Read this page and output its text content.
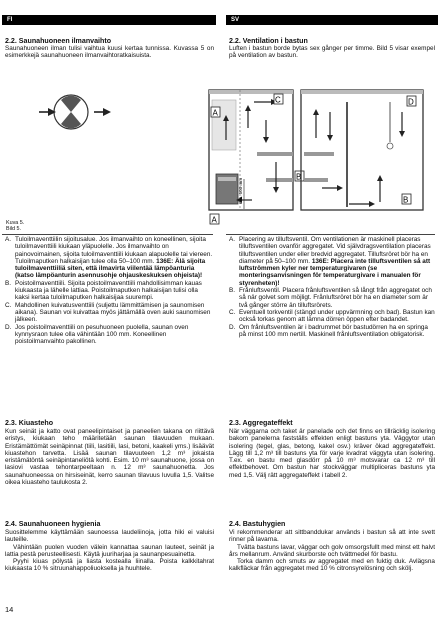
FI	SV
2.2. Saunahuoneen ilmanvaihto
Saunahuoneen ilman tulisi vaihtua kuusi kertaa tunnissa. Kuvassa 5 on esimerkkejä saunahuoneen ilmanvaihtoratkaisuista.
2.2. Ventilation i bastun
Luften i bastun borde bytas sex gånger per timme. Bild 5 visar exempel på ventilation av bastun.
min. 500 mm
A
C
B
A
D
B
Kuva 5.
Bild 5.
A. Tuloilmaventtiilin sijoitusalue. Jos ilmanvaihto on koneellinen, sijoita tuloilmaventtiili kiukaan yläpuolelle. Jos ilmanvaihto on painovoimainen, sijoita tuloilmaventtiili kiukaan alapuolelle tai viereen. Tuloilmaputken halkaisijan tulee olla 50–100 mm. 136E: Älä sijoita tuloilmaventtiiliä siten, että ilmavirta viilentää lämpöanturia (katso lämpöanturin asennusohje ohjauskeskuksen ohjeista)!
B. Poistoilmaventtiili. Sijoita poistoilmaventtiili mahdollisimman kauas kiukaasta ja lähelle lattiaa. Poistoilmaputken halkaisijan tulisi olla kaksi kertaa tuloilmaputken halkaisijaa suurempi.
C. Mahdollinen kuivatusventtiili (suljettu lämmittämisen ja saunomisen aikana). Saunan voi kuivattaa myös jättämällä oven auki saunomisen jälkeen.
D. Jos poistoilmaventtiili on pesuhuoneen puolella, saunan oven kynnysraon tulee olla vähintään 100 mm. Koneellinen poistoilmanvaihto pakollinen.
A. Placering av tilluftsventil. Om ventilationen är maskinell placeras tilluftsventilen ovanför aggregatet. Vid självdragsventilation placeras tilluftsventilen under eller bredvid aggregatet. Tilluftsröret bör ha en diameter på 50–100 mm. 136E: Placera inte tilluftsventilen så att luftströmmen kyler ner temperaturgivaren (se monteringsanvisningen för temperaturgivare i manualen för styrenheten)!
B. Frånluftsventil. Placera frånluftsventilen så långt från aggregatet och så när golvet som möjligt. Frånluftsröret bör ha en diameter som är två gånger större än tilluftsrörets.
C. Eventuell torkventil (stängd under uppvärmning och bad). Bastun kan också torkas genom att lämna dörren öppen efter badandet.
D. Om frånluftsventilen är i badrummet bör bastudörren ha en springa på minst 100 mm nertill. Maskinell frånluftsventilation obligatorisk.
2.3. Kiuasteho
Kun seinät ja katto ovat paneelipintaiset ja paneelien takana on riittävä eristys, kiukaan teho määritetään saunan tilavuuden mukaan. Eristämättömät seinäpinnat (tiili, lasitiili, lasi, betoni, kaakeli yms.) lisäävät kiuastehon tarvetta. Lisää saunan tilavuuteen 1,2 m³ jokaista eristämätöntä seinäpintaneliötä kohti. Esim. 10 m³ saunahuone, jossa on lasiovi vastaa tehontarpeeltaan n. 12 m³ saunahuonetta. Jos saunahuoneessa on hirsiseinät, kerro saunan tilavuus luvulla 1,5. Valitse oikea kiuasteho taulukosta 2.
2.3. Aggregateffekt
När väggarna och taket är panelade och det finns en tillräcklig isolering bakom panelerna fastställs effekten enligt bastuns yta. Väggytor utan isolering (tegel, glas, betong, kakel osv.) kräver ökad aggregateffekt. Lägg till 1,2 m³ till bastuns yta för varje kvadrat väggyta utan isolering. T.ex. en bastu med glasdörr på 10 m³ motsvarar ca 12 m³ till effektbehovet. Om bastun har stockväggar multipliceras bastuns yta med 1,5. Välj rätt aggregateffekt i tabell 2.
2.4. Saunahuoneen hygienia
Suosittelemme käyttämään saunoessa laudeliinoja, jotta hiki ei valuisi lauteille.
Vähintään puolen vuoden välein kannattaa saunan lauteet, seinät ja lattia pestä perusteellisesti. Käytä juuriharjaa ja saunanpesuainetta.
Pyyhi kiuas pölystä ja liasta kostealla liinalla. Poista kalkkitahrat kiukaasta 10 % sitruunahappoliuoksella ja huuhtele.
2.4. Bastuhygien
Vi rekommenderar att sittbanddukar används i bastun så att inte svett rinner på lavarna.
Tvätta bastuns lavar, väggar och golv omsorgsfullt med minst ett halvt års mellanrum. Använd skurborste och tvättmedel för bastu.
Torka damm och smuts av aggregatet med en fuktig duk. Avlägsna kalkfläckar från aggregatet med 10 % citronsyrelösning och skölj.
14
